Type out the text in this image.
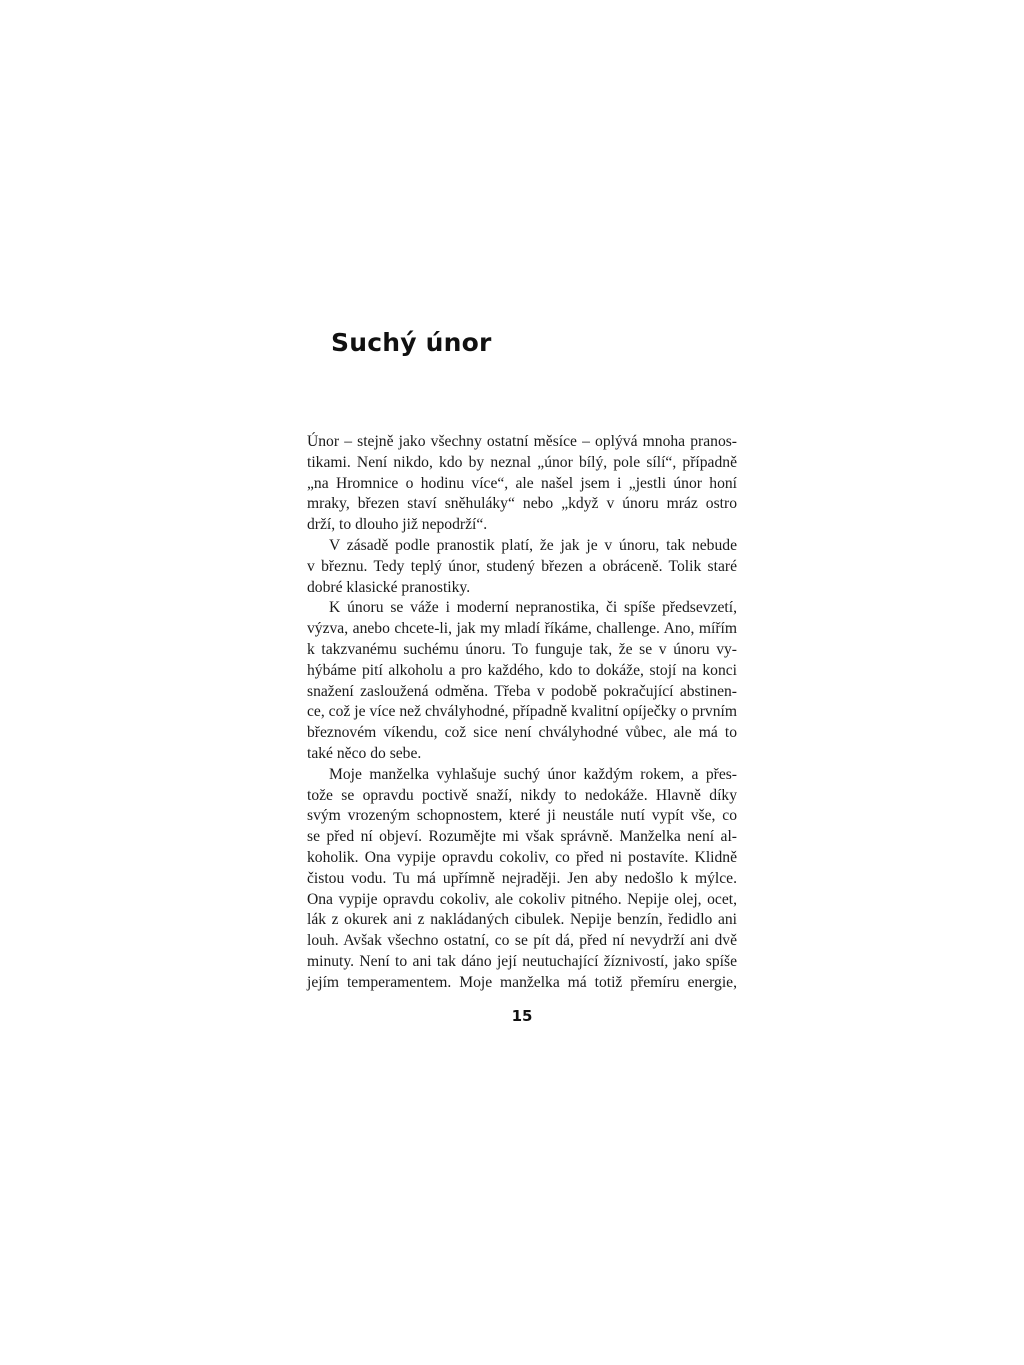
Suchý únor
Únor – stejně jako všechny ostatní měsíce – oplývá mnoha pranos-
tikami. Není nikdo, kdo by neznal „únor bílý, pole sílí“, případně
„na Hromnice o hodinu více“, ale našel jsem i „jestli únor honí
mraky, březen staví sněhuláky“ nebo „když v únoru mráz ostro
drží, to dlouho již nepodrží“.
V zásadě podle pranostik platí, že jak je v únoru, tak nebude
v březnu. Tedy teplý únor, studený březen a obráceně. Tolik staré
dobré klasické pranostiky.
K únoru se váže i moderní nepranostika, či spíše předsevzetí,
výzva, anebo chcete-li, jak my mladí říkáme, challenge. Ano, mířím
k takzvanému suchému únoru. To funguje tak, že se v únoru vy-
hýbáme pití alkoholu a pro každého, kdo to dokáže, stojí na konci
snažení zasloužená odměna. Třeba v podobě pokračující abstinen-
ce, což je více než chvályhodné, případně kvalitní opíječky o prvním
březnovém víkendu, což sice není chvályhodné vůbec, ale má to
také něco do sebe.
Moje manželka vyhlašuje suchý únor každým rokem, a přes-
tože se opravdu poctivě snaží, nikdy to nedokáže. Hlavně díky
svým vrozeným schopnostem, které ji neustále nutí vypít vše, co
se před ní objeví. Rozumějte mi však správně. Manželka není al-
koholik. Ona vypije opravdu cokoliv, co před ni postavíte. Klidně
čistou vodu. Tu má upřímně nejraději. Jen aby nedošlo k mýlce.
Ona vypije opravdu cokoliv, ale cokoliv pitného. Nepije olej, ocet,
lák z okurek ani z nakládaných cibulek. Nepije benzín, ředidlo ani
louh. Avšak všechno ostatní, co se pít dá, před ní nevydrží ani dvě
minuty. Není to ani tak dáno její neutuchající žíznivostí, jako spíše
jejím temperamentem. Moje manželka má totiž přemíru energie,
15
